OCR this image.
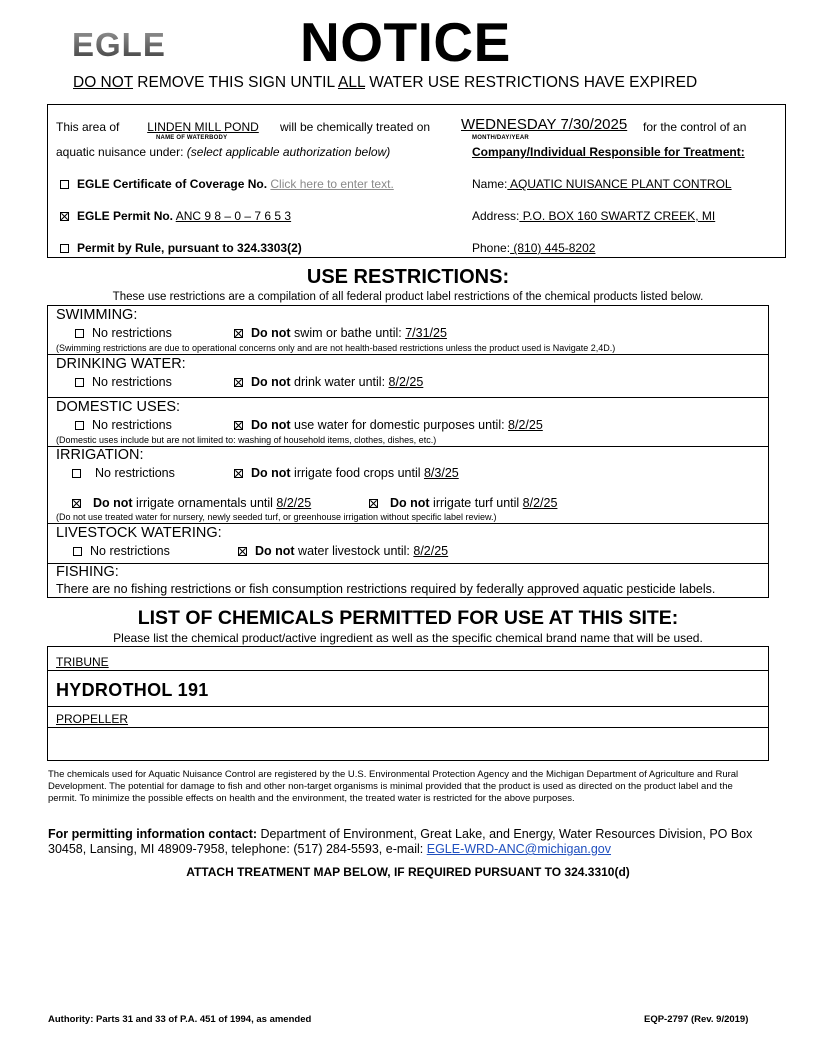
EGLE NOTICE
DO NOT REMOVE THIS SIGN UNTIL ALL WATER USE RESTRICTIONS HAVE EXPIRED
This area of	LINDEN MILL POND
NAME OF WATERBODY
will be chemically treated on WEDNESDAY 7/30/2025
MONTH/DAY/YEAR
for the control of an
aquatic nuisance under: (select applicable authorization below)	Company/Individual Responsible for Treatment:
EGLE Certificate of Coverage No. Click here to enter text.
EGLE Permit No. ANC 9 8 – 0 – 7 6 5 3
Permit by Rule, pursuant to 324.3303(2)
Name: AQUATIC NUISANCE PLANT CONTROL
Address: P.O. BOX 160 SWARTZ CREEK, MI
Phone: (810) 445-8202
USE RESTRICTIONS:
These use restrictions are a compilation of all federal product label restrictions of the chemical products listed below.
SWIMMING:
No restrictions	Do not swim or bathe until: 7/31/25
(Swimming restrictions are due to operational concerns only and are not health-based restrictions unless the product used is Navigate 2,4D.)
DRINKING WATER:
No restrictions	Do not drink water until: 8/2/25
DOMESTIC USES:
No restrictions	Do not use water for domestic purposes until: 8/2/25
(Domestic uses include but are not limited to: washing of household items, clothes, dishes, etc.)
IRRIGATION:
No restrictions	Do not irrigate food crops until 8/3/25
Do not irrigate ornamentals until 8/2/25	Do not irrigate turf until 8/2/25
(Do not use treated water for nursery, newly seeded turf, or greenhouse irrigation without specific label review.)
LIVESTOCK WATERING:
No restrictions	Do not water livestock until: 8/2/25
FISHING:
There are no fishing restrictions or fish consumption restrictions required by federally approved aquatic pesticide labels.
LIST OF CHEMICALS PERMITTED FOR USE AT THIS SITE:
Please list the chemical product/active ingredient as well as the specific chemical brand name that will be used.
TRIBUNE
HYDROTHOL 191
PROPELLER
The chemicals used for Aquatic Nuisance Control are registered by the U.S. Environmental Protection Agency and the Michigan Department of Agriculture and Rural Development. The potential for damage to fish and other non-target organisms is minimal provided that the product is used as directed on the product label and the permit. To minimize the possible effects on health and the environment, the treated water is restricted for the above purposes.
For permitting information contact: Department of Environment, Great Lake, and Energy, Water Resources Division, PO Box 30458, Lansing, MI 48909-7958, telephone: (517) 284-5593, e-mail: EGLE-WRD-ANC@michigan.gov
ATTACH TREATMENT MAP BELOW, IF REQUIRED PURSUANT TO 324.3310(d)
Authority: Parts 31 and 33 of P.A. 451 of 1994, as amended	EQP-2797 (Rev. 9/2019)
